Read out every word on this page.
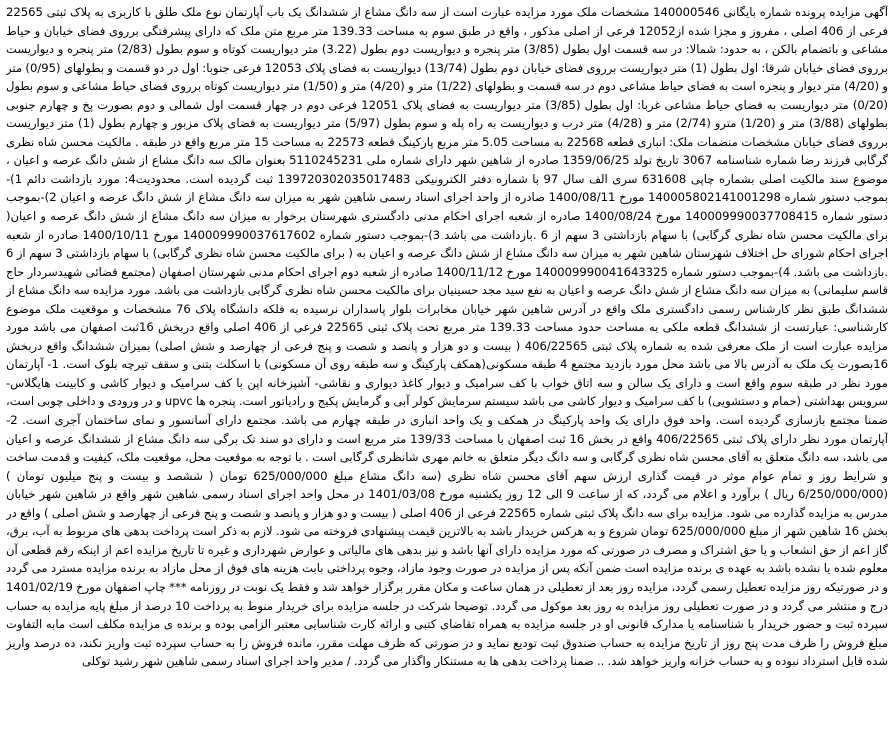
آگهی مزایده پرونده شماره بایگانی 140000546 مشخصات ملک مورد مزایده عبارت است از سه دانگ مشاع از ششدانگ یک باب آپارتمان نوع ملک طلق با کاربری به پلاک ثبتی 22565 فرعی از 406 اصلی ، مفروز و مجزا شده از12052 فرعی از اصلی مذکور ، واقع در طبق سوم به مساحت 139.33 متر مربع متن ملک که دارای پیشرفتگی بررو‌ی فضای خیابان و حیاط مشاعی و باتضمام بالکن ، به حدود: شمالا: در سه قسمت اول بطول (3/85) متر پنجره و دیواریست دوم بطول (3.22) متر دیواریست کوتاه و سوم بطول (2/83) متر پنجره و دیواریست برروی فضای خیابان شرقا: اول بطول (1) متر دیواریست برروی فضای خیابان دوم بطول (13/74) دیواریست به فضای پلاک 12053 فرعی جنوبا: اول در دو قسمت و بطولهای (0/95) متر و (4/20) متر دیوار و پنجره است به فضای حیاط مشاعی دوم در سه قسمت و بطولهای (1/22) متر و (4/20) متر و (1/50) متر دیواریست کوتاه برروی فضای حیاط مشاعی و سوم بطول (0/20) متر دیواریست به فضای حیاط مشاعی غربا: اول بطول (3/85) متر دیواریست به فضای پلاک 12051 فرعی دوم در چهار قسمت اول شمالی و دوم بصورت پخ و چهارم جنوبی بطولهای (3/88) متر و (1/20) مترو (2/74) متر و (4/28) متر درب و دیواریست به راه پله و سوم بطول (5/97) متر دیواریست به فضای پلاک مزبور و چهارم بطول (1) متر دیواریست برروی فضای خیابان مشخصات منضمات ملک: انباری قطعه 22568 به مساحت 5.05 متر مربع پارکینگ قطعه 22573 به مساحت 15 متر مربع واقع در طبقه . مالکیت محسن شاه نظری گرگابی فرزند رضا شماره شناسنامه 3067 تاریخ تولد 1359/06/25 صادره از شاهین شهر دارای شماره ملی 5110245231 بعنوان مالک سه دانگ مشاع از شش دانگ عرصه و اعیان ، موضوع سند مالکیت اصلی بشماره چاپی 631608 سری الف سال 97 با شماره دفتر الکترونیکی 139720302035017483 ثبت گردیده است. محدودیت4: مورد بازداشت دائم 1)-بموجب دستور شماره 140005802141001298 مورخ 1400/08/11 صادره از واحد اجرای اسناد رسمی شاهین شهر به میزان سه دانگ مشاع از شش دانگ عرصه و اعیان 2)-بموجب دستور شماره 140009990037708415 مورخ 1400/08/24 صادره از شعبه اجرای احکام مدنی دادگستری شهرستان برخوار به میزان سه دانگ مشاع از شش دانگ عرصه و اعیان( برای مالکیت محسن شاه نظری گرگابی) با سهام بازداشتی 3 سهم از 6 .بازداشت می باشد 3)-بموجب دستور شماره 140009990037617602 مورخ 1400/10/11 صادره از شعبه اجرای احکام شورای حل اختلاف شهرستان شاهین شهر به میزان سه دانگ مشاع از شش دانگ عرصه و اعیان به ( برای مالکیت محسن شاه نظری گرگابی) با سهام بازداشتی 3 سهم از 6 .بازداشت می باشد. 4)-بموجب دستور شماره 140009990041643325 مورخ 1400/11/12 صادره از شعبه دوم اجرای احکام مدنی شهرستان اصفهان (مجتمع قضائی شهیدسردار حاج قاسم سلیمانی) به میزان سه دانگ مشاع از شش دانگ عرصه و اعیان به نفع سید مجد حسینیان برای مالکیت محسن شاه نظری گرگابی بازداشت می باشد. مورد مزایده سه دانگ مشاع از ششدانگ طبق نظر کارشناس رسمی دادگستری ملک واقع در آدرس شاهین شهر خیابان مخابرات بلوار پاسداران نرسیده به فلکه دانشگاه پلاک 76 مشخصات و موقعیت ملک موضوع کارشناسی: عبارتست از ششدانگ قطعه ملکی به مساحت حدود مساحت 139.33 متر مربع تحت پلاک ثبتی 22565 فرعی از 406 اصلی واقع دربخش 16ثبت اصفهان می باشد مورد مزایده عبارت است از ملک معرفی شده به شماره پلاک ثبتی 406/22565 ( بیست و دو هزار و پانصد و شصت و پنج فرعی از چهارصد و شش اصلی) بمیزان ششدانگ واقع دربخش 16بصورت یک ملک به آدرس بالا می باشد محل مورد بازدید مجتمع 4 طبقه مسکونی(همکف پارکینگ و سه طبقه روی آن مسکونی) با اسکلت بتنی و سقف تیرچه بلوک است. 1- آپارتمان مورد نظر در طبقه سوم واقع است و دارای یک سالن و سه اتاق خواب با کف سرامیک و دیوار کاغذ دیواری و نقاشی- آشپزخانه اپن با کف سرامیک و دیوار کاشی و کابینت هایگلاس- سرویس بهداشتی (حمام و دستشویی) با کف سرامیک و دیوار کاشی می باشد سیستم سرمایش کولر آبی و گرمایش پکیج و رادیاتور است. پنجره ها upvc و در ورودی و داخلی چوبی است، ضمنا مجتمع بازسازی گردیده است. واحد فوق دارای یک واحد پارکینگ در همکف و یک واحد انباری در طبقه چهارم می باشد. مجتمع دارای آسانسور و نمای ساختمان آجری است. 2- آپارتمان مورد نظر دارای پلاک ثبتی 406/22565 واقع در بخش 16 ثبت اصفهان با مساحت 139/33 متر مربع است و دارای دو سند تک برگی سه دانگ مشاع از ششدانگ عرصه و اعیان می باشد، سه دانگ متعلق به آقای محسن شاه نظری گرگابی و سه دانگ دیگر متعلق به خانم مهری شانظری گرگابی است . با توجه به موقعیت محل، موقعیت ملک، کیفیت و قدمت ساخت و شرایط روز و تمام عوام موثر در قیمت گذاری ارزش سهم آقای محسن شاه نظری (سه دانگ مشاع مبلغ 625/000/000 تومان ( ششصد و بیست و پنج میلیون تومان ) (6/250/000/000 ریال ) برآورد و اعلام می گردد، که از ساعت 9 الی 12 روز یکشنبه مورخ 1401/03/08 در محل واحد اجرای اسناد رسمی شاهین شهر واقع در شاهین شهر خیابان مدرس به مزایده گذارده می شود. مزایده برای سه دانگ پلاک ثبتی شماره 22565 فرعی از 406 اصلی ( بیست و دو هزار و پانصد و شصت و پنج فرعی از چهارصد و شش اصلی ) واقع در بخش 16 شاهین شهر از مبلغ 625/000/000 تومان شروع و به هرکس خریدار باشد به بالاترین قیمت پیشنهادی فروخته می شود. لازم به ذکر است پرداخت بدهی های مربوط به آب، برق، گاز اعم از حق انشعاب و یا حق اشتراک و مصرف در صورتی که مورد مزایده دارای آنها باشد و نیز بدهی های مالیاتی و عوارض شهرداری و غیره تا تاریخ مزایده اعم از اینکه رقم قطعی آن معلوم شده یا نشده باشد به عهده ی برنده مزایده است ضمن آنکه پس از مزایده در صورت وجود مازاد، وجوه پرداختی بابت هزینه های فوق از محل مازاد به برنده مزایده مسترد می گردد و در صورتیکه روز مزایده تعطیل رسمی گردد، مزایده روز بعد از تعطیلی در همان ساعت و مکان مقرر برگزار خواهد شد و فقط یک نوبت در روزنامه *** چاپ اصفهان مورخ 1401/02/19 درج و منتشر می گردد و در صورت تعطیلی روز مزایده به روز بعد موکول می گردد. توضیحا شرکت در جلسه مزایده برای خریدار منوط به پرداخت 10 درصد از مبلغ پایه مزایده به حساب سپرده ثبت و حضور خریدار با شناسنامه یا مدارک قانونی او در جلسه مزایده به همراه تقاضای کتبی و ارائه کارت شناسایی معتبر الزامی بوده و برنده ی مزایده مکلف است مابه التفاوت مبلغ فروش را ظرف مدت پنج روز از تاریخ مزایده به حساب صندوق ثبت تودیع نماید و در صورتی که ظرف مهلت مقرر، مانده فروش را به حساب سپرده ثبت واریز نکند، ده درصد واریز شده قابل استرداد نبوده و به حساب خزانه واریز خواهد شد. .. ضمنا پرداخت بدهی ها به مستنکار واگذار می گردد. / مدیر واحد اجرای اسناد رسمی شاهین شهر رشید توکلی
